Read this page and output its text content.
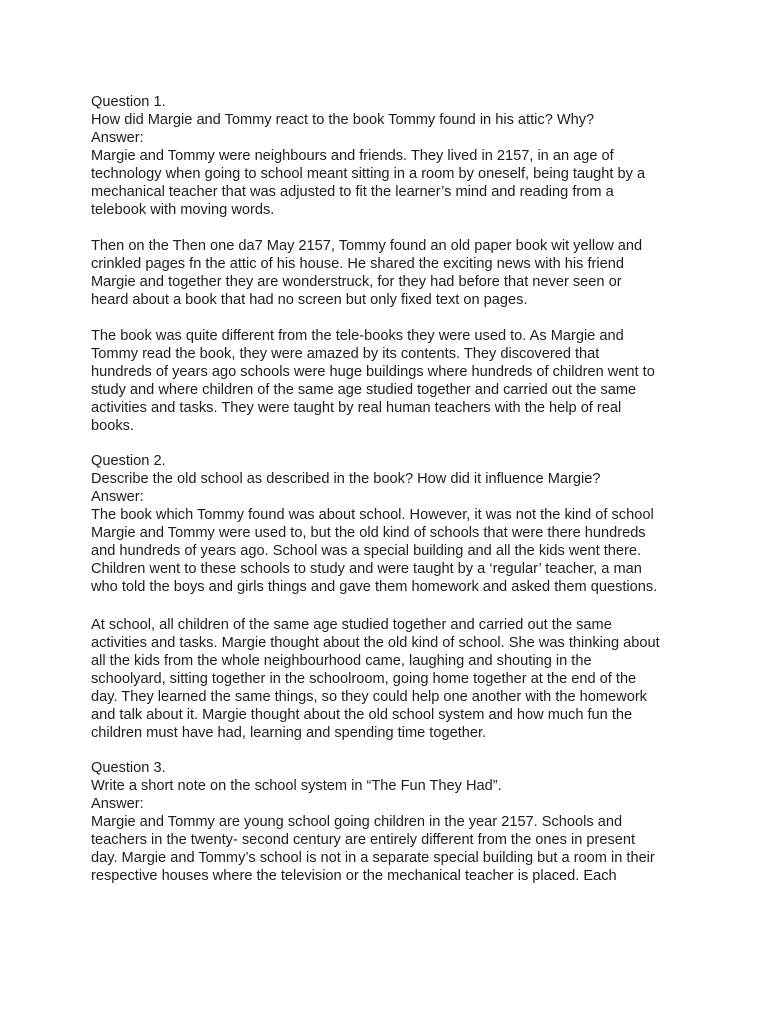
Question 1.
How did Margie and Tommy react to the book Tommy found in his attic? Why?
Answer:
Margie and Tommy were neighbours and friends. They lived in 2157, in an age of
technology when going to school meant sitting in a room by oneself, being taught by a
mechanical teacher that was adjusted to fit the learner’s mind and reading from a
telebook with moving words.
Then on the Then one da7 May 2157, Tommy found an old paper book wit yellow and
crinkled pages fn the attic of his house. He shared the exciting news with his friend
Margie and together they are wonderstruck, for they had before that never seen or
heard about a book that had no screen but only fixed text on pages.
The book was quite different from the tele-books they were used to. As Margie and
Tommy read the book, they were amazed by its contents. They discovered that
hundreds of years ago schools were huge buildings where hundreds of children went to
study and where children of the same age studied together and carried out the same
activities and tasks. They were taught by real human teachers with the help of real
books.
Question 2.
Describe the old school as described in the book? How did it influence Margie?
Answer:
The book which Tommy found was about school. However, it was not the kind of school
Margie and Tommy were used to, but the old kind of schools that were there hundreds
and hundreds of years ago. School was a special building and all the kids went there.
Children went to these schools to study and were taught by a ‘regular’ teacher, a man
who told the boys and girls things and gave them homework and asked them questions.
At school, all children of the same age studied together and carried out the same
activities and tasks. Margie thought about the old kind of school. She was thinking about
all the kids from the whole neighbourhood came, laughing and shouting in the
schoolyard, sitting together in the schoolroom, going home together at the end of the
day. They learned the same things, so they could help one another with the homework
and talk about it. Margie thought about the old school system and how much fun the
children must have had, learning and spending time together.
Question 3.
Write a short note on the school system in “The Fun They Had”.
Answer:
Margie and Tommy are young school going children in the year 2157. Schools and
teachers in the twenty- second century are entirely different from the ones in present
day. Margie and Tommy’s school is not in a separate special building but a room in their
respective houses where the television or the mechanical teacher is placed. Each
